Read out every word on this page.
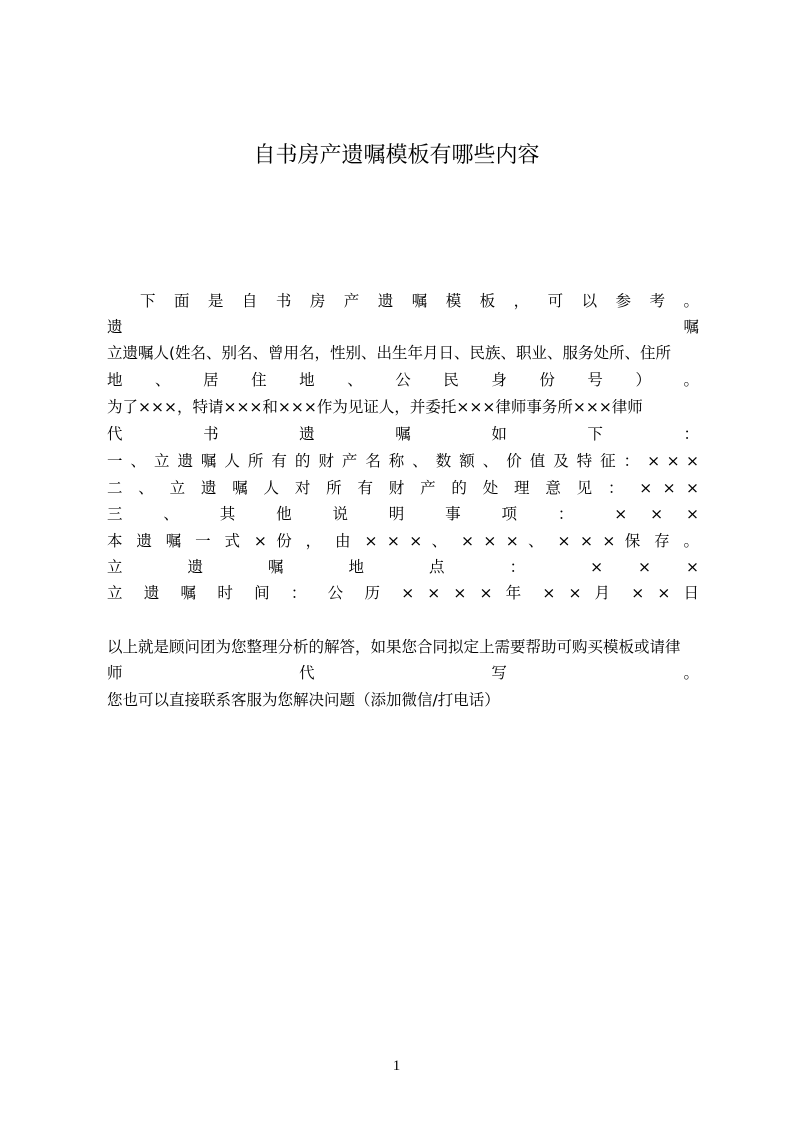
自书房产遗嘱模板有哪些内容
下 面 是 自 书 房 产 遗 嘱 模 板 ， 可 以 参 考 。
遗 嘱
立遗嘱人(姓名、别名、曾用名，性别、出生年月日、民族、职业、服务处所、住所
地 、 居 住 地 、 公 民 身 份 号 ） 。
为了×××，特请×××和×××作为见证人，并委托×××律师事务所×××律师
代 书 遗 嘱 如 下 ：
一 、 立 遗 嘱 人 所 有 的 财 产 名 称 、 数 额 、 价 值 及 特 征 ： × × ×
二 、 立 遗 嘱 人 对 所 有 财 产 的 处 理 意 见 ： × × ×
三 、 其 他 说 明 事 项 ： × × ×
本 遗 嘱 一 式 × 份 ， 由 × × × 、 × × × 、 × × × 保 存 。
立 遗 嘱 地 点 ： × × ×
立 遗 嘱 时 间 ： 公 历 × × × × 年 × × 月 × × 日
以上就是顾问团为您整理分析的解答，如果您合同拟定上需要帮助可购买模板或请律
师 代 写 。
您也可以直接联系客服为您解决问题（添加微信/打电话）
1
